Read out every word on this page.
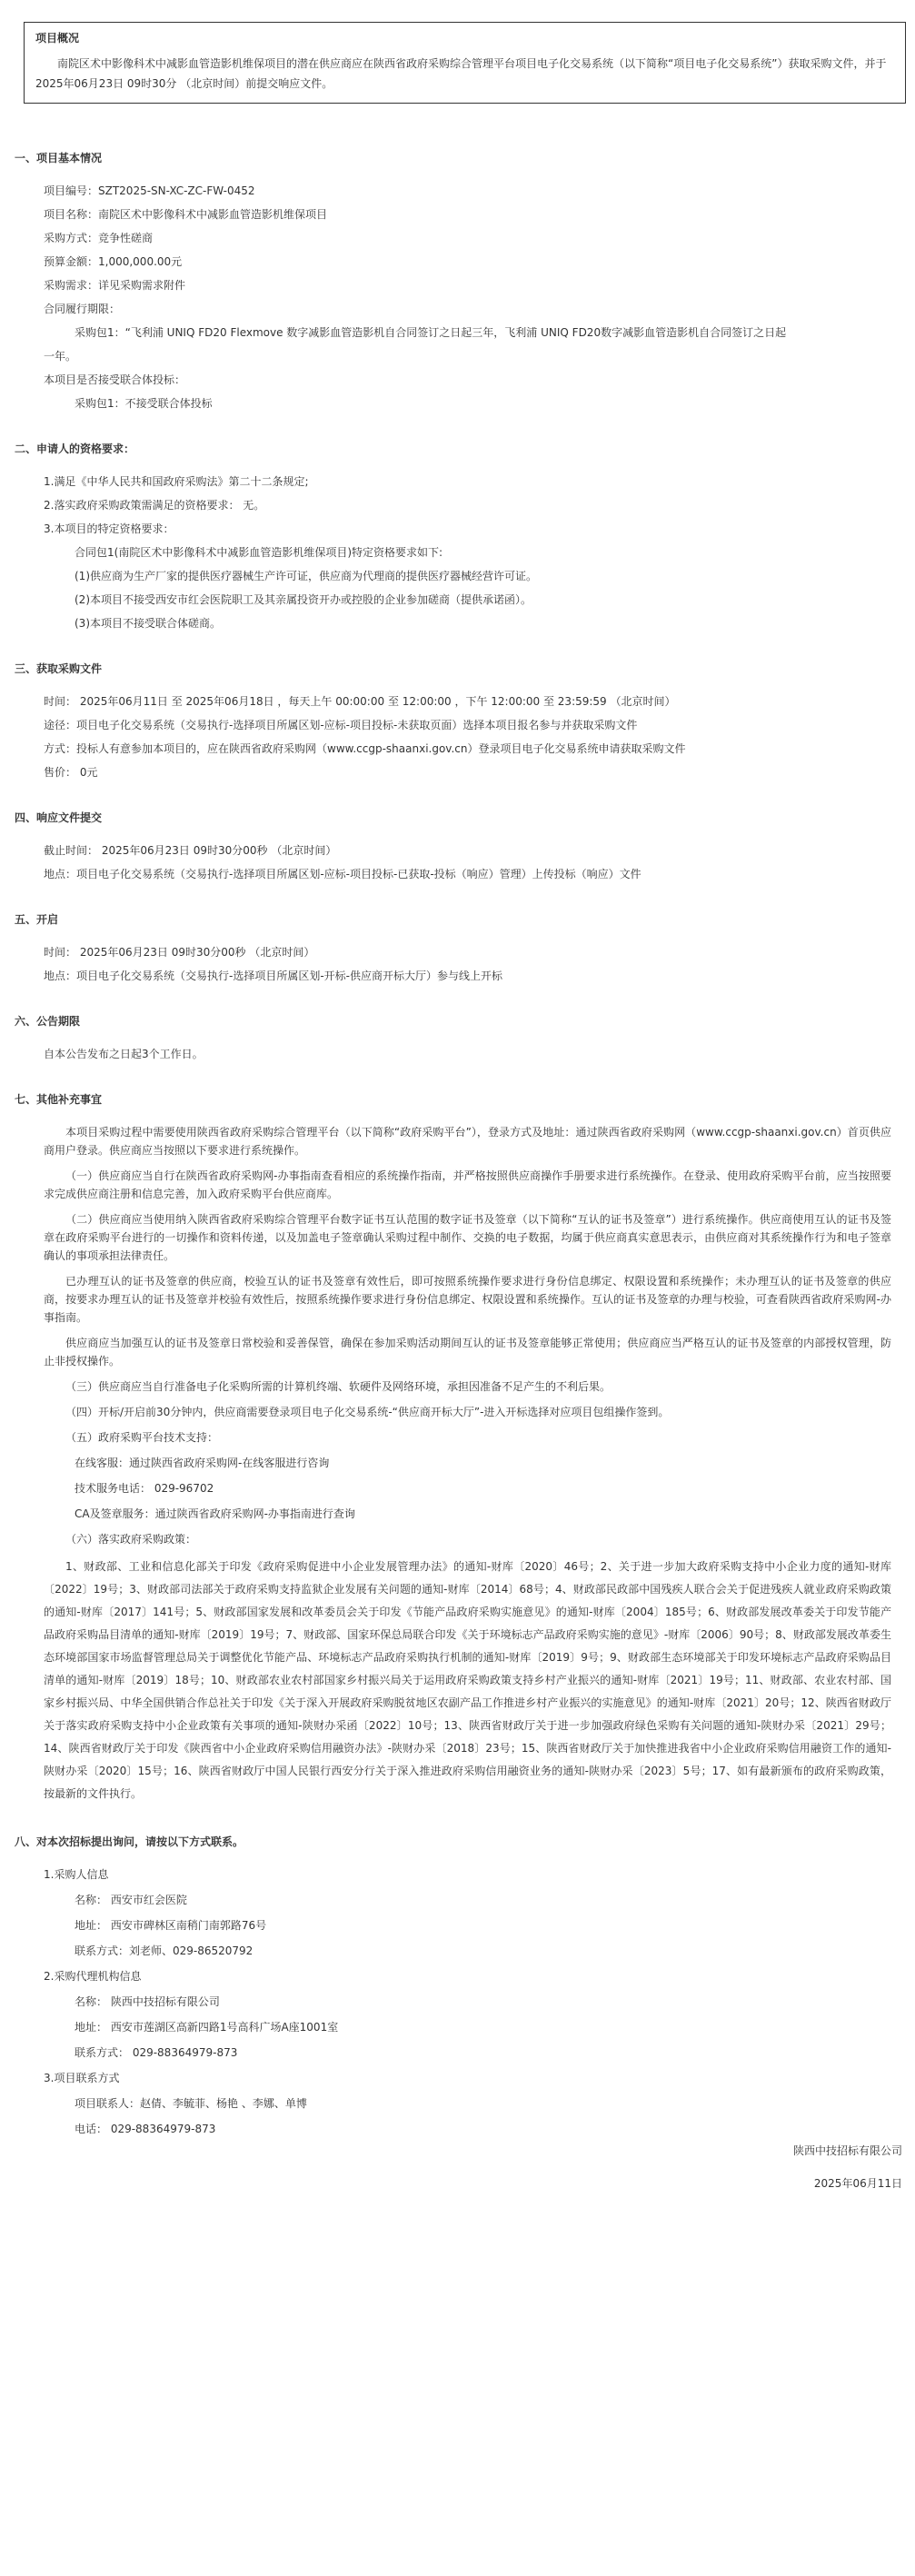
项目概况

南院区术中影像科术中减影血管造影机维保项目的潜在供应商应在陕西省政府采购综合管理平台项目电子化交易系统（以下简称“项目电子化交易系统”）获取采购文件，并于 2025年06月23日 09时30分 （北京时间）前提交响应文件。

一、项目基本情况

项目编号：SZT2025-SN-XC-ZC-FW-0452

项目名称：南院区术中影像科术中减影血管造影机维保项目

采购方式：竞争性磋商

预算金额：1,000,000.00元

采购需求：详见采购需求附件

合同履行期限：

采购包1：“飞利浦 UNIQ FD20 Flexmove 数字减影血管造影机自合同签订之日起三年，飞利浦 UNIQ FD20数字减影血管造影机自合同签订之日起

一年。

本项目是否接受联合体投标：

采购包1：不接受联合体投标

二、申请人的资格要求：

1.满足《中华人民共和国政府采购法》第二十二条规定;

2.落实政府采购政策需满足的资格要求： 无。

3.本项目的特定资格要求：

合同包1(南院区术中影像科术中减影血管造影机维保项目)特定资格要求如下:

(1)供应商为生产厂家的提供医疗器械生产许可证，供应商为代理商的提供医疗器械经营许可证。

(2)本项目不接受西安市红会医院职工及其亲属投资开办或控股的企业参加磋商（提供承诺函）。

(3)本项目不接受联合体磋商。

三、获取采购文件

时间： 2025年06月11日 至 2025年06月18日 ，每天上午 00:00:00 至 12:00:00 ，下午 12:00:00 至 23:59:59 （北京时间）

途径：项目电子化交易系统（交易执行-选择项目所属区划-应标-项目投标-未获取页面）选择本项目报名参与并获取采购文件

方式：投标人有意参加本项目的，应在陕西省政府采购网（www.ccgp-shaanxi.gov.cn）登录项目电子化交易系统申请获取采购文件

售价： 0元

四、响应文件提交

截止时间： 2025年06月23日 09时30分00秒 （北京时间）

地点：项目电子化交易系统（交易执行-选择项目所属区划-应标-项目投标-已获取-投标（响应）管理）上传投标（响应）文件

五、开启

时间： 2025年06月23日 09时30分00秒 （北京时间）

地点：项目电子化交易系统（交易执行-选择项目所属区划-开标-供应商开标大厅）参与线上开标

六、公告期限

自本公告发布之日起3个工作日。

七、其他补充事宜

本项目采购过程中需要使用陕西省政府采购综合管理平台（以下简称“政府采购平台”），登录方式及地址：通过陕西省政府采购网（www.ccgp-shaanxi.gov.cn）首页供应商用户登录。供应商应当按照以下要求进行系统操作。

（一）供应商应当自行在陕西省政府采购网-办事指南查看相应的系统操作指南，并严格按照供应商操作手册要求进行系统操作。在登录、使用政府采购平台前，应当按照要求完成供应商注册和信息完善，加入政府采购平台供应商库。

（二）供应商应当使用纳入陕西省政府采购综合管理平台数字证书互认范围的数字证书及签章（以下简称“互认的证书及签章”）进行系统操作。供应商使用互认的证书及签章在政府采购平台进行的一切操作和资料传递，以及加盖电子签章确认采购过程中制作、交换的电子数据，均属于供应商真实意思表示，由供应商对其系统操作行为和电子签章确认的事项承担法律责任。

已办理互认的证书及签章的供应商，校验互认的证书及签章有效性后，即可按照系统操作要求进行身份信息绑定、权限设置和系统操作；未办理互认的证书及签章的供应商，按要求办理互认的证书及签章并校验有效性后，按照系统操作要求进行身份信息绑定、权限设置和系统操作。互认的证书及签章的办理与校验，可查看陕西省政府采购网-办事指南。

供应商应当加强互认的证书及签章日常校验和妥善保管，确保在参加采购活动期间互认的证书及签章能够正常使用；供应商应当严格互认的证书及签章的内部授权管理，防止非授权操作。

（三）供应商应当自行准备电子化采购所需的计算机终端、软硬件及网络环境，承担因准备不足产生的不利后果。

（四）开标/开启前30分钟内，供应商需要登录项目电子化交易系统-“供应商开标大厅”-进入开标选择对应项目包组操作签到。

（五）政府采购平台技术支持：

在线客服：通过陕西省政府采购网-在线客服进行咨询

技术服务电话： 029-96702

CA及签章服务：通过陕西省政府采购网-办事指南进行查询

（六）落实政府采购政策：

1、财政部、工业和信息化部关于印发《政府采购促进中小企业发展管理办法》的通知-财库〔2020〕46号；2、关于进一步加大政府采购支持中小企业力度的通知-财库〔2022〕19号；3、财政部司法部关于政府采购支持监狱企业发展有关问题的通知-财库〔2014〕68号；4、财政部民政部中国残疾人联合会关于促进残疾人就业政府采购政策的通知-财库〔2017〕141号；5、财政部国家发展和改革委员会关于印发《节能产品政府采购实施意见》的通知-财库〔2004〕185号；6、财政部发展改革委关于印发节能产品政府采购品目清单的通知-财库〔2019〕19号；7、财政部、国家环保总局联合印发《关于环境标志产品政府采购实施的意见》-财库〔2006〕90号；8、财政部发展改革委生态环境部国家市场监督管理总局关于调整优化节能产品、环境标志产品政府采购执行机制的通知-财库〔2019〕9号；9、财政部生态环境部关于印发环境标志产品政府采购品目清单的通知-财库〔2019〕18号；10、财政部农业农村部国家乡村振兴局关于运用政府采购政策支持乡村产业振兴的通知-财库〔2021〕19号；11、财政部、农业农村部、国家乡村振兴局、中华全国供销合作总社关于印发《关于深入开展政府采购脱贫地区农副产品工作推进乡村产业振兴的实施意见》的通知-财库〔2021〕20号；12、陕西省财政厅关于落实政府采购支持中小企业政策有关事项的通知-陕财办采函〔2022〕10号；13、陕西省财政厅关于进一步加强政府绿色采购有关问题的通知-陕财办采〔2021〕29号；14、陕西省财政厅关于印发《陕西省中小企业政府采购信用融资办法》-陕财办采〔2018〕23号；15、陕西省财政厅关于加快推进我省中小企业政府采购信用融资工作的通知-陕财办采〔2020〕15号；16、陕西省财政厅中国人民银行西安分行关于深入推进政府采购信用融资业务的通知-陕财办采〔2023〕5号；17、如有最新颁布的政府采购政策，按最新的文件执行。

八、对本次招标提出询问，请按以下方式联系。

1.采购人信息

名称： 西安市红会医院

地址： 西安市碑林区南稍门南郭路76号

联系方式：刘老师、029-86520792

2.采购代理机构信息

名称： 陕西中技招标有限公司

地址： 西安市莲湖区高新四路1号高科广场A座1001室

联系方式： 029-88364979-873

3.项目联系方式

项目联系人：赵倩、李毓菲、杨艳 、李娜、单博

电话： 029-88364979-873

陕西中技招标有限公司

2025年06月11日
